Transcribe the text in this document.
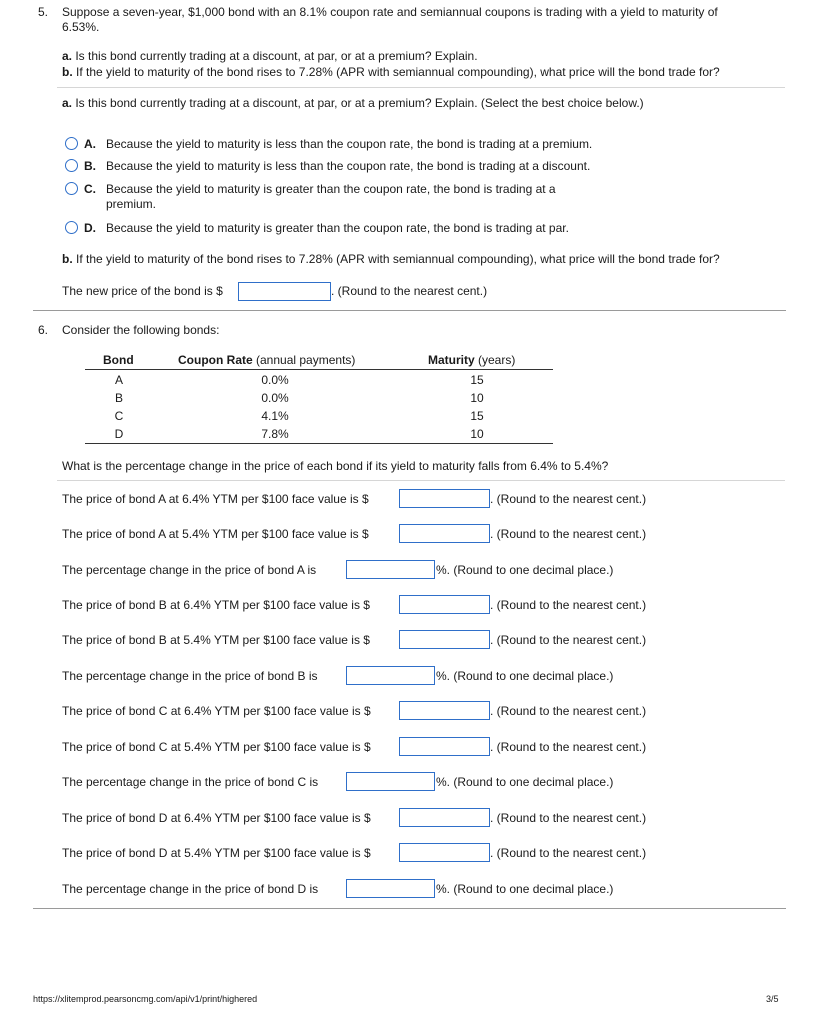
5. Suppose a seven-year, $1,000 bond with an 8.1% coupon rate and semiannual coupons is trading with a yield to maturity of
6.53%.
a. Is this bond currently trading at a discount, at par, or at a premium? Explain.
b. If the yield to maturity of the bond rises to 7.28% (APR with semiannual compounding), what price will the bond trade for?
a. Is this bond currently trading at a discount, at par, or at a premium? Explain. (Select the best choice below.)
A. Because the yield to maturity is less than the coupon rate, the bond is trading at a premium.
B. Because the yield to maturity is less than the coupon rate, the bond is trading at a discount.
C. Because the yield to maturity is greater than the coupon rate, the bond is trading at a
premium.
D. Because the yield to maturity is greater than the coupon rate, the bond is trading at par.
b. If the yield to maturity of the bond rises to 7.28% (APR with semiannual compounding), what price will the bond trade for?
The new price of the bond is $	. (Round to the nearest cent.)
6. Consider the following bonds:
Bond	Coupon Rate (annual payments)	Maturity (years)
A	0.0%	15
B	0.0%	10
C	4.1%	15
D	7.8%	10
What is the percentage change in the price of each bond if its yield to maturity falls from 6.4% to 5.4%?
The price of bond A at 6.4% YTM per $100 face value is $	. (Round to the nearest cent.)
The price of bond A at 5.4% YTM per $100 face value is $	. (Round to the nearest cent.)
The percentage change in the price of bond A is	%. (Round to one decimal place.)
The price of bond B at 6.4% YTM per $100 face value is $	. (Round to the nearest cent.)
The price of bond B at 5.4% YTM per $100 face value is $	. (Round to the nearest cent.)
The percentage change in the price of bond B is	%. (Round to one decimal place.)
The price of bond C at 6.4% YTM per $100 face value is $	. (Round to the nearest cent.)
The price of bond C at 5.4% YTM per $100 face value is $	. (Round to the nearest cent.)
The percentage change in the price of bond C is	%. (Round to one decimal place.)
The price of bond D at 6.4% YTM per $100 face value is $	. (Round to the nearest cent.)
The price of bond D at 5.4% YTM per $100 face value is $	. (Round to the nearest cent.)
The percentage change in the price of bond D is	%. (Round to one decimal place.)
https://xlitemprod.pearsoncmg.com/api/v1/print/highered	3/5
